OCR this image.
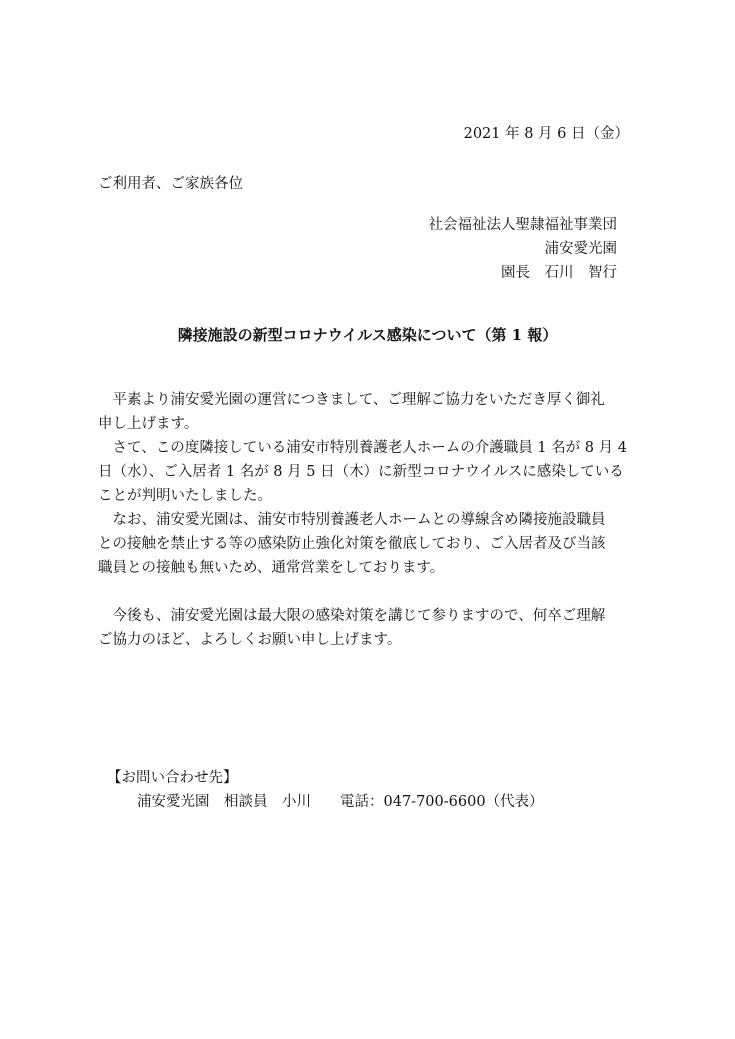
2021 年 8 月 6 日（金）
ご利用者、ご家族各位
社会福祉法人聖隷福祉事業団
浦安愛光園
園長　石川　智行
隣接施設の新型コロナウイルス感染について（第 1 報）
　平素より浦安愛光園の運営につきまして、ご理解ご協力をいただき厚く御礼
申し上げます。
　さて、この度隣接している浦安市特別養護老人ホームの介護職員 1 名が 8 月 4
日（水）、ご入居者 1 名が 8 月 5 日（木）に新型コロナウイルスに感染している
ことが判明いたしました。
　なお、浦安愛光園は、浦安市特別養護老人ホームとの導線含め隣接施設職員
との接触を禁止する等の感染防止強化対策を徹底しており、ご入居者及び当該
職員との接触も無いため、通常営業をしております。
　今後も、浦安愛光園は最大限の感染対策を講じて参りますので、何卒ご理解
ご協力のほど、よろしくお願い申し上げます。
【お問い合わせ先】
浦安愛光園　相談員　小川　　電話：047-700-6600（代表）
